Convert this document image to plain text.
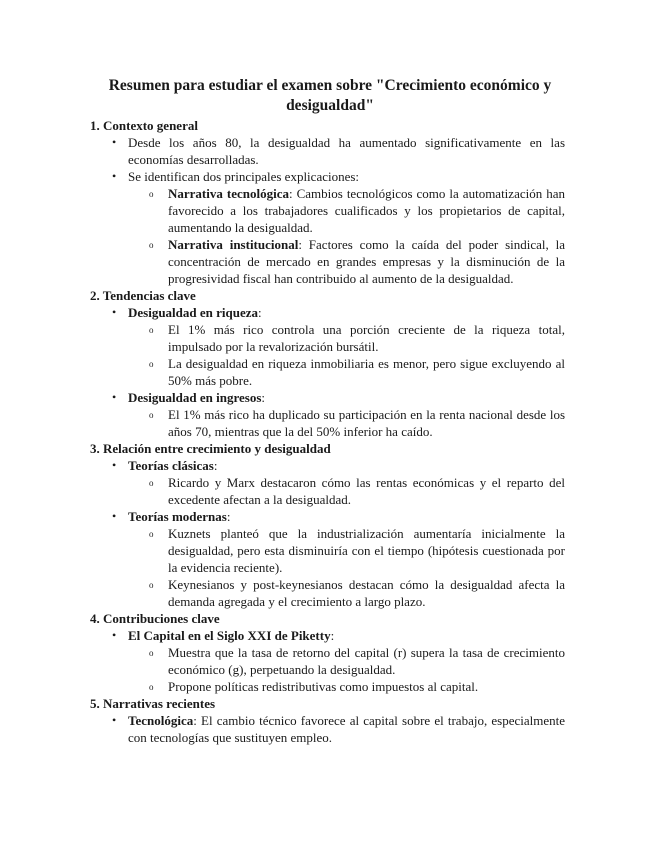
Resumen para estudiar el examen sobre "Crecimiento económico y desigualdad"
1. Contexto general
• Desde los años 80, la desigualdad ha aumentado significativamente en las economías desarrolladas.
• Se identifican dos principales explicaciones:
o Narrativa tecnológica: Cambios tecnológicos como la automatización han favorecido a los trabajadores cualificados y los propietarios de capital, aumentando la desigualdad.
o Narrativa institucional: Factores como la caída del poder sindical, la concentración de mercado en grandes empresas y la disminución de la progresividad fiscal han contribuido al aumento de la desigualdad.
2. Tendencias clave
• Desigualdad en riqueza:
o El 1% más rico controla una porción creciente de la riqueza total, impulsado por la revalorización bursátil.
o La desigualdad en riqueza inmobiliaria es menor, pero sigue excluyendo al 50% más pobre.
• Desigualdad en ingresos:
o El 1% más rico ha duplicado su participación en la renta nacional desde los años 70, mientras que la del 50% inferior ha caído.
3. Relación entre crecimiento y desigualdad
• Teorías clásicas:
o Ricardo y Marx destacaron cómo las rentas económicas y el reparto del excedente afectan a la desigualdad.
• Teorías modernas:
o Kuznets planteó que la industrialización aumentaría inicialmente la desigualdad, pero esta disminuiría con el tiempo (hipótesis cuestionada por la evidencia reciente).
o Keynesianos y post-keynesianos destacan cómo la desigualdad afecta la demanda agregada y el crecimiento a largo plazo.
4. Contribuciones clave
• El Capital en el Siglo XXI de Piketty:
o Muestra que la tasa de retorno del capital (r) supera la tasa de crecimiento económico (g), perpetuando la desigualdad.
o Propone políticas redistributivas como impuestos al capital.
5. Narrativas recientes
• Tecnológica: El cambio técnico favorece al capital sobre el trabajo, especialmente con tecnologías que sustituyen empleo.
